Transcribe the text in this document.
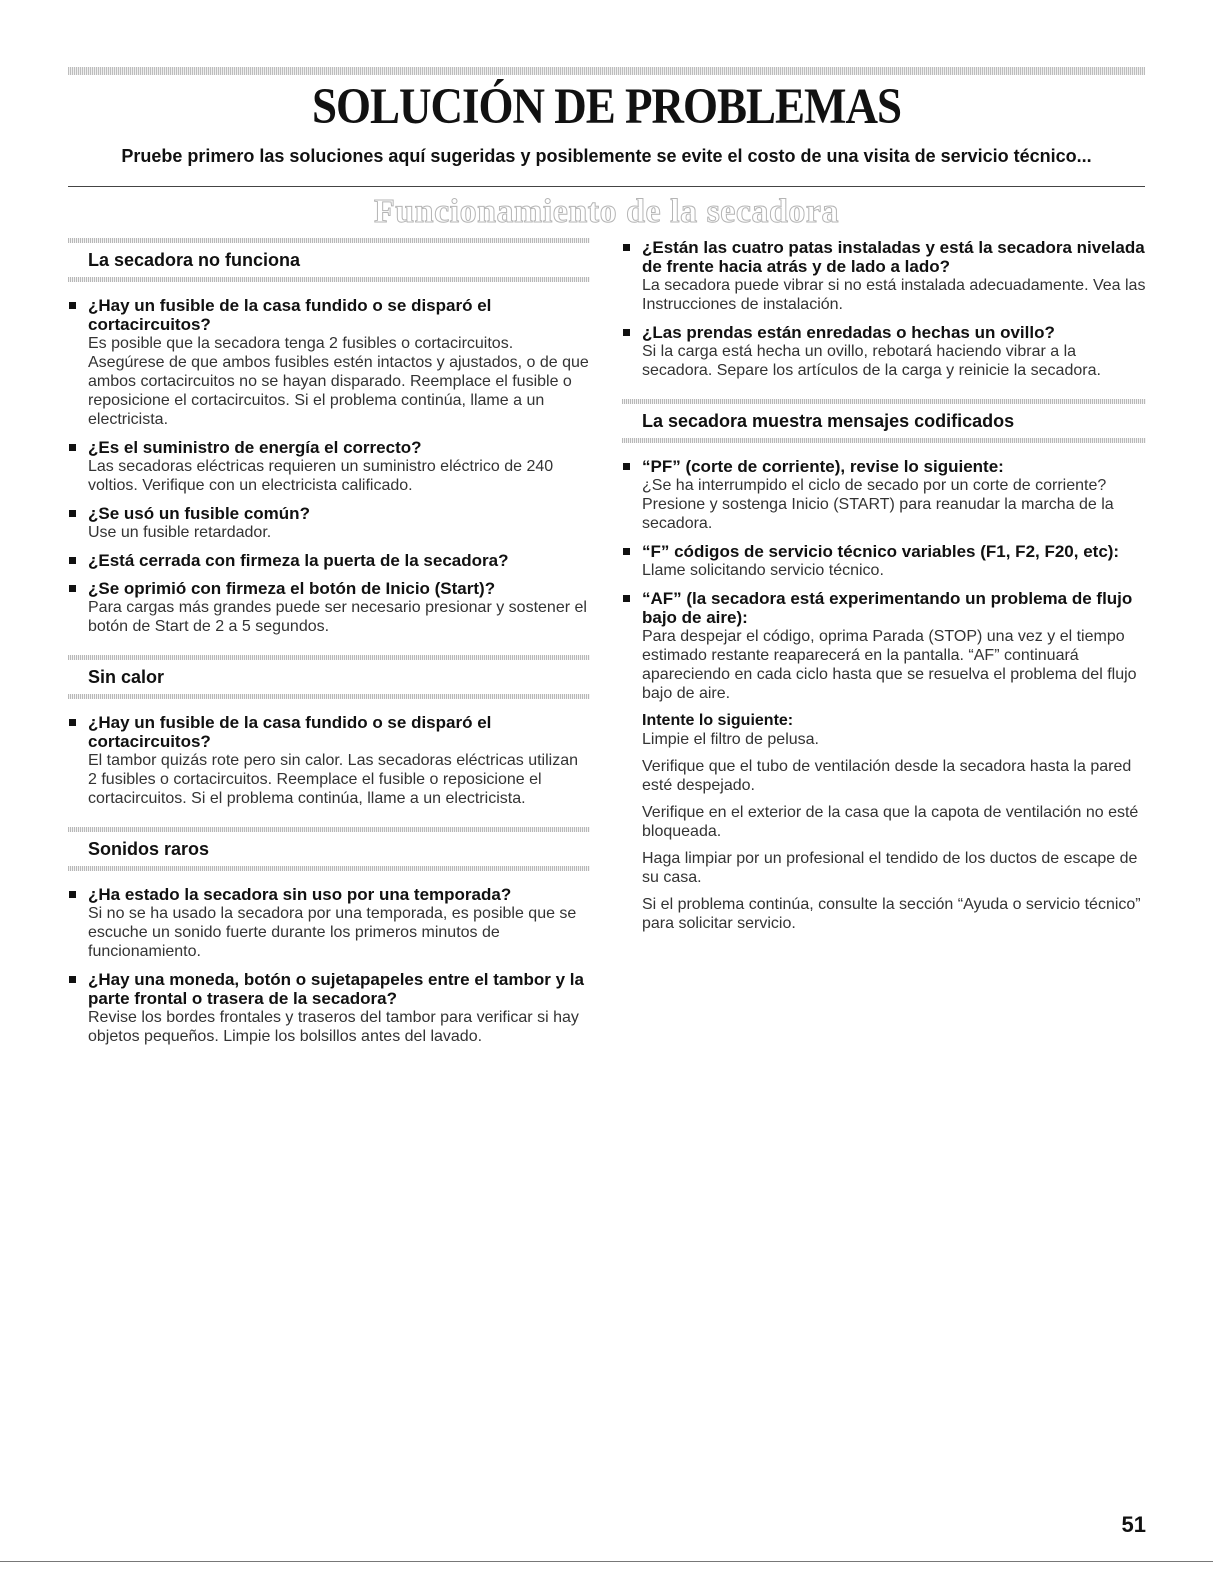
SOLUCIÓN DE PROBLEMAS

Pruebe primero las soluciones aquí sugeridas y posiblemente se evite el costo de una visita de servicio técnico...

Funcionamiento de la secadora
La secadora no funciona
¿Hay un fusible de la casa fundido o se disparó el cortacircuitos?
Es posible que la secadora tenga 2 fusibles o cortacircuitos. Asegúrese de que ambos fusibles estén intactos y ajustados, o de que ambos cortacircuitos no se hayan disparado. Reemplace el fusible o reposicione el cortacircuitos. Si el problema continúa, llame a un electricista.
¿Es el suministro de energía el correcto?
Las secadoras eléctricas requieren un suministro eléctrico de 240 voltios. Verifique con un electricista calificado.
¿Se usó un fusible común?
Use un fusible retardador.
¿Está cerrada con firmeza la puerta de la secadora?
¿Se oprimió con firmeza el botón de Inicio (Start)?
Para cargas más grandes puede ser necesario presionar y sostener el botón de Start de 2 a 5 segundos.
Sin calor
¿Hay un fusible de la casa fundido o se disparó el cortacircuitos?
El tambor quizás rote pero sin calor. Las secadoras eléctricas utilizan 2 fusibles o cortacircuitos. Reemplace el fusible o reposicione el cortacircuitos. Si el problema continúa, llame a un electricista.
Sonidos raros
¿Ha estado la secadora sin uso por una temporada?
Si no se ha usado la secadora por una temporada, es posible que se escuche un sonido fuerte durante los primeros minutos de funcionamiento.
¿Hay una moneda, botón o sujetapapeles entre el tambor y la parte frontal o trasera de la secadora?
Revise los bordes frontales y traseros del tambor para verificar si hay objetos pequeños. Limpie los bolsillos antes del lavado.
¿Están las cuatro patas instaladas y está la secadora nivelada de frente hacia atrás y de lado a lado?
La secadora puede vibrar si no está instalada adecuadamente. Vea las Instrucciones de instalación.
¿Las prendas están enredadas o hechas un ovillo?
Si la carga está hecha un ovillo, rebotará haciendo vibrar a la secadora. Separe los artículos de la carga y reinicie la secadora.
La secadora muestra mensajes codificados
“PF” (corte de corriente), revise lo siguiente:
¿Se ha interrumpido el ciclo de secado por un corte de corriente? Presione y sostenga Inicio (START) para reanudar la marcha de la secadora.
“F” códigos de servicio técnico variables (F1, F2, F20, etc):
Llame solicitando servicio técnico.
“AF” (la secadora está experimentando un problema de flujo bajo de aire):
Para despejar el código, oprima Parada (STOP) una vez y el tiempo estimado restante reaparecerá en la pantalla. “AF” continuará apareciendo en cada ciclo hasta que se resuelva el problema del flujo bajo de aire.
Intente lo siguiente:
Limpie el filtro de pelusa.
Verifique que el tubo de ventilación desde la secadora hasta la pared esté despejado.
Verifique en el exterior de la casa que la capota de ventilación no esté bloqueada.
Haga limpiar por un profesional el tendido de los ductos de escape de su casa.
Si el problema continúa, consulte la sección “Ayuda o servicio técnico” para solicitar servicio.
51
